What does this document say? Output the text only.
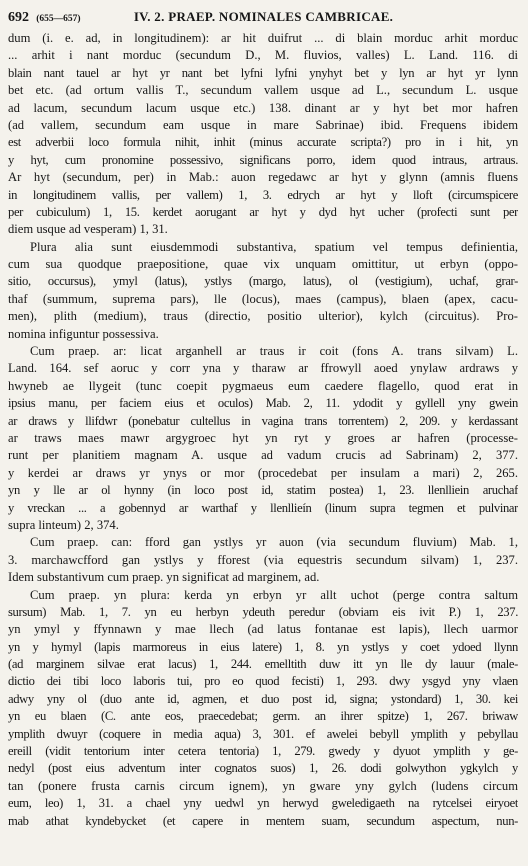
692 (655—657)	IV. 2. PRAEP. NOMINALES CAMBRICAE.
dum (i. e. ad, in longitudinem): ar hit duifrut ... di blain morduc arhit morduc
... arhit i nant morduc (secundum D., M. fluvios, valles) L. Land. 116. di
blain nant tauel ar hyt yr nant bet lyfni lyfni ynyhyt bet y lyn ar hyt yr lynn
bet etc. (ad ortum vallis T., secundum vallem usque ad L., secundum L. usque
ad lacum, secundum lacum usque etc.) 138. dinant ar y hyt bet mor hafren
(ad vallem, secundum eam usque in mare Sabrinae) ibid. Frequens ibidem
est adverbii loco formula nihit, inhit (minus accurate scripta?) pro in i hit, yn
y hyt, cum pronomine possessivo, significans porro, idem quod intraus, artraus.
Ar hyt (secundum, per) in Mab.: auon regedawc ar hyt y glynn (amnis fluens
in longitudinem vallis, per vallem) 1, 3. edrych ar hyt y lloft (circumspicere
per cubiculum) 1, 15. kerdet aorugant ar hyt y dyd hyt ucher (profecti sunt per
diem usque ad vesperam) 1, 31.
Plura alia sunt eiusdemmodi substantiva, spatium vel tempus definientia,
cum sua quodque praepositione, quae vix unquam omittitur, ut erbyn (oppo-
sitio, occursus), ymyl (latus), ystlys (margo, latus), ol (vestigium), uchaf, grar-
thaf (summum, suprema pars), lle (locus), maes (campus), blaen (apex, cacu-
men), plith (medium), traus (directio, positio ulterior), kylch (circuitus). Pro-
nomina infiguntur possessiva.
Cum praep. ar: licat arganhell ar traus ir coit (fons A. trans silvam) L.
Land. 164. sef aoruc y corr yna y tharaw ar ffrowyll aoed ynylaw ardraws y
hwyneb ae llygeit (tunc coepit pygmaeus eum caedere flagello, quod erat in
ipsius manu, per faciem eius et oculos) Mab. 2, 11. ydodit y gyllell yny gwein
ar draws y llifdwr (ponebatur cultellus in vagina trans torrentem) 2, 209. y kerdassant
ar traws maes mawr argygroec hyt yn ryt y groes ar hafren (processe-
runt per planitiem magnam A. usque ad vadum crucis ad Sabrinam) 2, 377.
y kerdei ar draws yr ynys or mor (procedebat per insulam a mari) 2, 265.
yn y lle ar ol hynny (in loco post id, statim postea) 1, 23. llenlliein aruchaf
y vreckan ... a gobennyd ar warthaf y llenllieín (linum supra tegmen et pulvinar
supra linteum) 2, 374.
Cum praep. can: fford gan ystlys yr auon (via secundum fluvium) Mab. 1,
3. marchawcfford gan ystlys y fforest (via equestris secundum silvam) 1, 237.
Idem substantivum cum praep. yn significat ad marginem, ad.
Cum praep. yn plura: kerda yn erbyn yr allt uchot (perge contra saltum
sursum) Mab. 1, 7. yn eu herbyn ydeuth peredur (obviam eis ivit P.) 1, 237.
yn ymyl y ffynnawn y mae llech (ad latus fontanae est lapis), llech uarmor
yn y hymyl (lapis marmoreus in eius latere) 1, 8. yn ystlys y coet ydoed llynn
(ad marginem silvae erat lacus) 1, 244. emelltith duw itt yn lle dy lauur (male-
dictio dei tibi loco laboris tui, pro eo quod fecisti) 1, 293. dwy ysgyd yny vlaen
adwy yny ol (duo ante id, agmen, et duo post id, signa; ystondard) 1, 30. kei
yn eu blaen (C. ante eos, praecedebat; germ. an ihrer spitze) 1, 267. briwaw
ymplith dwuyr (coquere in media aqua) 3, 301. ef awelei bebyll ymplith y pebyllau
ereill (vidit tentorium inter cetera tentoria) 1, 279. gwedy y dyuot ymplith y ge-
nedyl (post eius adventum inter cognatos suos) 1, 26. dodi golwython ygkylch y
tan (ponere frusta carnis circum ignem), yn gware yny gylch (ludens circum
eum, leo) 1, 31. a chael yny uedwl yn herwyd gweledigaeth na rytcelsei eiryoet
mab athat kyndebycket (et capere in mentem suam, secundum aspectum, nun-
